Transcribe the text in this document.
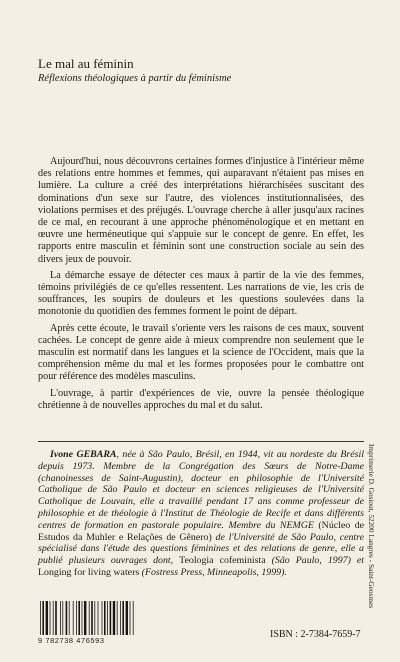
Le mal au féminin
Réflexions théologiques à partir du féminisme

Aujourd'hui, nous découvrons certaines formes d'injustice à l'intérieur même des relations entre hommes et femmes, qui auparavant n'étaient pas mises en lumière. La culture a créé des interprétations hiérarchisées suscitant des dominations d'un sexe sur l'autre, des violences institutionnalisées, des violations permises et des préjugés. L'ouvrage cherche à aller jusqu'aux racines de ce mal, en recourant à une approche phénoménologique et en mettant en œuvre une herméneutique qui s'appuie sur le concept de genre. En effet, les rapports entre masculin et féminin sont une construction sociale au sein des divers jeux de pouvoir.

La démarche essaye de détecter ces maux à partir de la vie des femmes, témoins privilégiés de ce qu'elles ressentent. Les narrations de vie, les cris de souffrances, les soupirs de douleurs et les questions soulevées dans la monotonie du quotidien des femmes forment le point de départ.

Après cette écoute, le travail s'oriente vers les raisons de ces maux, souvent cachées. Le concept de genre aide à mieux comprendre non seulement que le masculin est normatif dans les langues et la science de l'Occident, mais que la compréhension même du mal et les formes proposées pour le combattre ont pour référence des modèles masculins.

L'ouvrage, à partir d'expériences de vie, ouvre la pensée théologique chrétienne à de nouvelles approches du mal et du salut.

Ivone GEBARA, née à São Paulo, Brésil, en 1944, vit au nordeste du Brésil depuis 1973. Membre de la Congrégation des Sœurs de Notre-Dame (chanoinesses de Saint-Augustin), docteur en philosophie de l'Université Catholique de São Paulo et docteur en sciences religieuses de l'Université Catholique de Louvain, elle a travaillé pendant 17 ans comme professeur de philosophie et de théologie à l'Institut de Théologie de Recife et dans différents centres de formation en pastorale populaire. Membre du NEMGE (Núcleo de Estudos da Muhler e Relações de Gênero) de l'Université de São Paulo, centre spécialisé dans l'étude des questions féminines et des relations de genre, elle a publié plusieurs ouvrages dont, Teologia cofeminista (São Paulo, 1997) et Longing for living waters (Fostress Press, Minneapolis, 1999).	Imprimerie D. Gosiout, 52200 Langres - Saint-Geosmes
9 782738 476593
ISBN : 2-7384-7659-7
